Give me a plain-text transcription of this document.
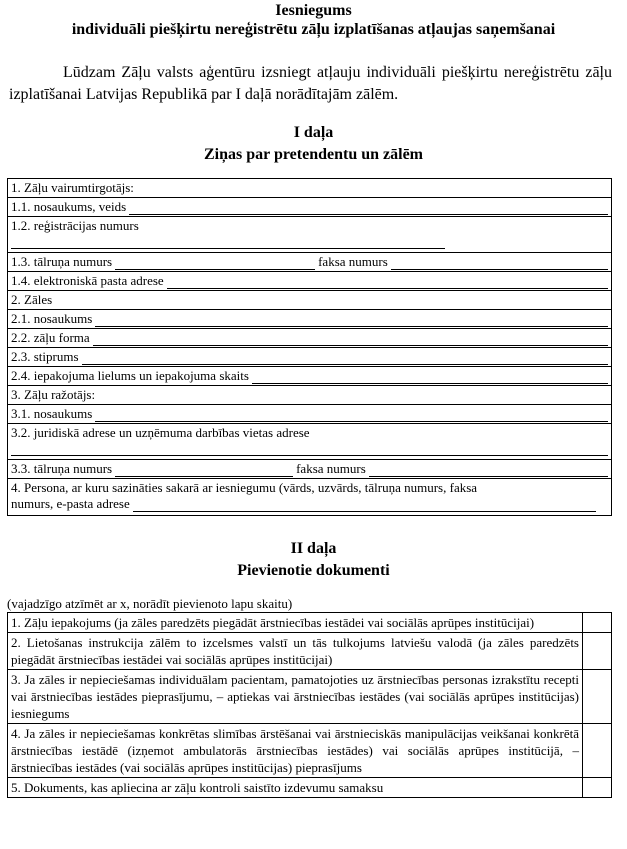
Iesniegums
individuāli piešķirtu nereģistrētu zāļu izplatīšanas atļaujas saņemšanai
Lūdzam Zāļu valsts aģentūru izsniegt atļauju individuāli piešķirtu nereģistrētu zāļu izplatīšanai Latvijas Republikā par I daļā norādītajām zālēm.
I daļa
Ziņas par pretendentu un zālēm
1. Zāļu vairumtirgotājs:
1.1. nosaukums, veids
1.2. reģistrācijas numurs
1.3. tālruņa numurs	faksa numurs
1.4. elektroniskā pasta adrese
2. Zāles
2.1. nosaukums
2.2. zāļu forma
2.3. stiprums
2.4. iepakojuma lielums un iepakojuma skaits
3. Zāļu ražotājs:
3.1. nosaukums
3.2. juridiskā adrese un uzņēmuma darbības vietas adrese
3.3. tālruņa numurs	faksa numurs
4. Persona, ar kuru sazināties sakarā ar iesniegumu (vārds, uzvārds, tālruņa numurs, faksa
numurs, e-pasta adrese
II daļa
Pievienotie dokumenti
(vajadzīgo atzīmēt ar x, norādīt pievienoto lapu skaitu)
1. Zāļu iepakojums (ja zāles paredzēts piegādāt ārstniecības iestādei vai sociālās aprūpes institūcijai)	
2. Lietošanas instrukcija zālēm to izcelsmes valstī un tās tulkojums latviešu valodā (ja zāles paredzēts piegādāt ārstniecības iestādei vai sociālās aprūpes institūcijai)	
3. Ja zāles ir nepieciešamas individuālam pacientam, pamatojoties uz ārstniecības personas izrakstītu recepti vai ārstniecības iestādes pieprasījumu, – aptiekas vai ārstniecības iestādes (vai sociālās aprūpes institūcijas) iesniegums	
4. Ja zāles ir nepieciešamas konkrētas slimības ārstēšanai vai ārstnieciskās manipulācijas veikšanai konkrētā ārstniecības iestādē (izņemot ambulatorās ārstniecības iestādes) vai sociālās aprūpes institūcijā, – ārstniecības iestādes (vai sociālās aprūpes institūcijas) pieprasījums	
5. Dokuments, kas apliecina ar zāļu kontroli saistīto izdevumu samaksu	
